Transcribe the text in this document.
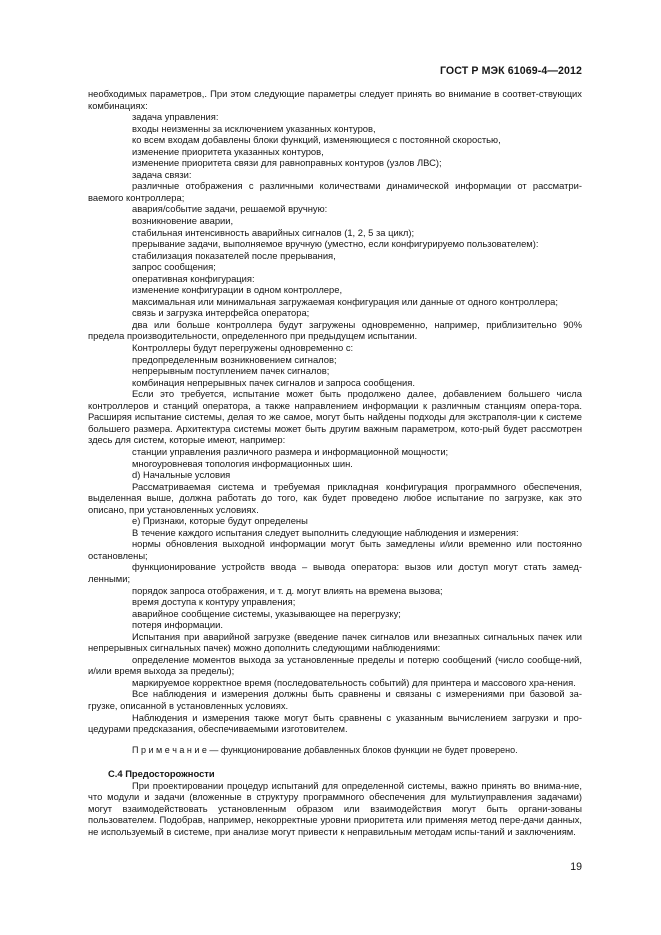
ГОСТ Р МЭК 61069-4—2012

необходимых параметров,. При этом следующие параметры следует принять во внимание в соответ-ствующих комбинациях:

задача управления:

входы неизменны за исключением указанных контуров,

ко всем входам добавлены блоки функций, изменяющиеся с постоянной скоростью,

изменение приоритета указанных контуров,

изменение приоритета связи для равноправных контуров (узлов ЛВС);

задача связи:

различные отображения с различными количествами динамической информации от рассматри-ваемого контроллера;

авария/событие задачи, решаемой вручную:

возникновение аварии,

стабильная интенсивность аварийных сигналов (1, 2, 5 за цикл);

прерывание задачи, выполняемое вручную (уместно, если конфигурируемо пользователем):

стабилизация показателей после прерывания,

запрос сообщения;

оперативная конфигурация:

изменение конфигурации в одном контроллере,

максимальная или минимальная загружаемая конфигурация или данные от одного контроллера;

связь и загрузка интерфейса оператора;

два или больше контроллера будут загружены одновременно, например, приблизительно 90% предела производительности, определенного при предыдущем испытании.

Контроллеры будут перегружены одновременно с:

предопределенным возникновением сигналов;

непрерывным поступлением пачек сигналов;

комбинация непрерывных пачек сигналов и запроса сообщения.

Если это требуется, испытание может быть продолжено далее, добавлением большего числа контроллеров и станций оператора, а также направлением информации к различным станциям опера-тора. Расширяя испытание системы, делая то же самое, могут быть найдены подходы для экстраполя-ции к системе большего размера. Архитектура системы может быть другим важным параметром, кото-рый будет рассмотрен здесь для систем, которые имеют, например:

станции управления различного размера и информационной мощности;

многоуровневая топология информационных шин.

d) Начальные условия

Рассматриваемая система и требуемая прикладная конфигурация программного обеспечения, выделенная выше, должна работать до того, как будет проведено любое испытание по загрузке, как это описано, при установленных условиях.

e) Признаки, которые будут определены

В течение каждого испытания следует выполнить следующие наблюдения и измерения:

нормы обновления выходной информации могут быть замедлены и/или временно или постоянно остановлены;

функционирование устройств ввода – вывода оператора: вызов или доступ могут стать замед-ленными;

порядок запроса отображения, и т. д. могут влиять на времена вызова;

время доступа к контуру управления;

аварийное сообщение системы, указывающее на перегрузку;

потеря информации.

Испытания при аварийной загрузке (введение пачек сигналов или внезапных сигнальных пачек или непрерывных сигнальных пачек) можно дополнить следующими наблюдениями:

определение моментов выхода за установленные пределы и потерю сообщений (число сообще-ний, и/или время выхода за пределы);

маркируемое корректное время (последовательность событий) для принтера и массового хра-нения.

Все наблюдения и измерения должны быть сравнены и связаны с измерениями при базовой за-грузке, описанной в установленных условиях.

Наблюдения и измерения также могут быть сравнены с указанным вычислением загрузки и про-цедурами предсказания, обеспечиваемыми изготовителем.

П р и м е ч а н и е — функционирование добавленных блоков функции не будет проверено.

С.4 Предосторожности

При проектировании процедур испытаний для определенной системы, важно принять во внима-ние, что модули и задачи (вложенные в структуру программного обеспечения для мультиуправления задачами) могут взаимодействовать установленным образом или взаимодействия могут быть органи-зованы пользователем. Подобрав, например, некорректные уровни приоритета или применяя метод пере-дачи данных, не используемый в системе, при анализе могут привести к неправильным методам испы-таний и заключениям.

19
